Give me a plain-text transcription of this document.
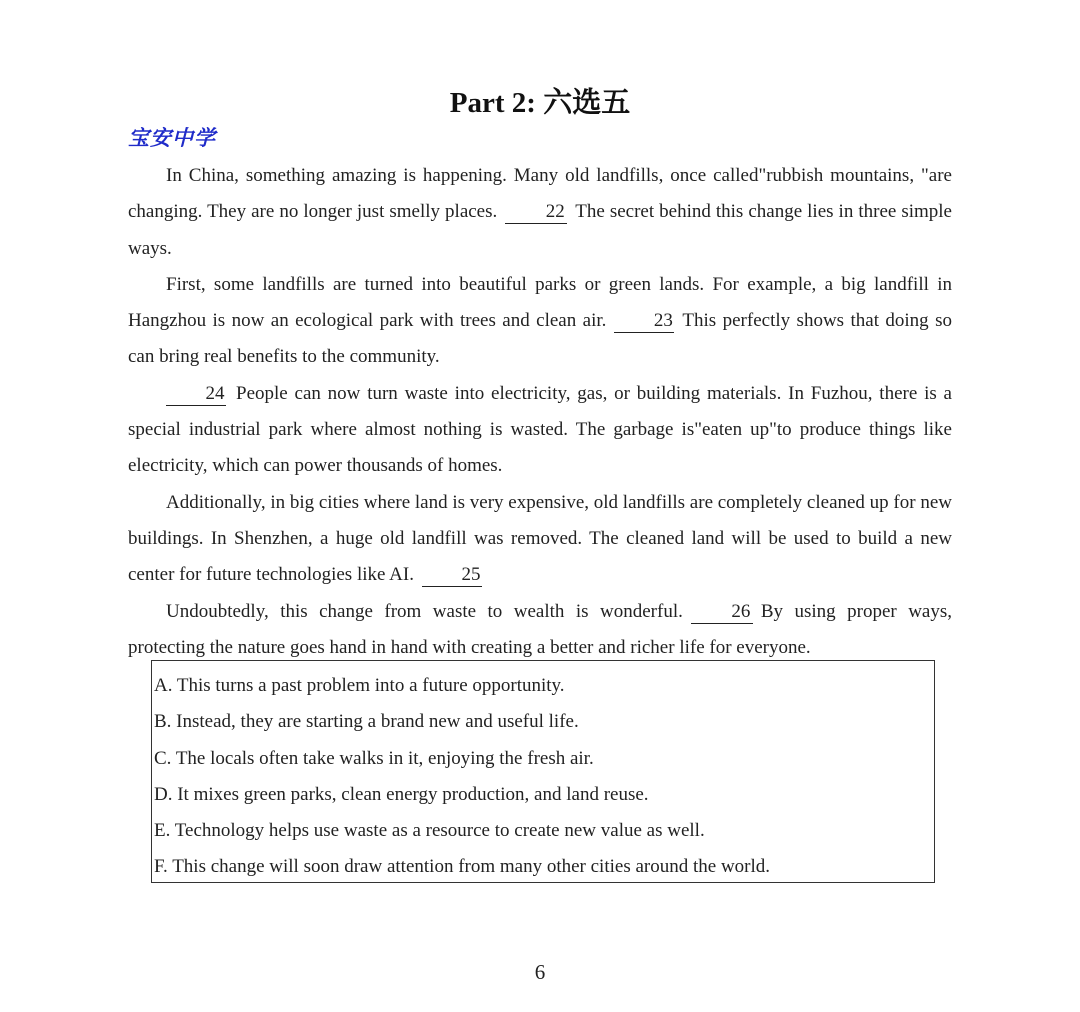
Part 2: 六选五
宝安中学

In China, something amazing is happening. Many old landfills, once called"rubbish mountains, "are changing. They are no longer just smelly places.	22 The secret behind this change lies in three simple ways.

First, some landfills are turned into beautiful parks or green lands. For example, a big landfill in Hangzhou is now an ecological park with trees and clean air.	23 This perfectly shows that doing so can bring real benefits to the community.

24 People can now turn waste into electricity, gas, or building materials. In Fuzhou, there is a special industrial park where almost nothing is wasted. The garbage is"eaten up"to produce things like electricity, which can power thousands of homes.

Additionally, in big cities where land is very expensive, old landfills are completely cleaned up for new buildings. In Shenzhen, a huge old landfill was removed. The cleaned land will be used to build a new center for future technologies like AI.	25

Undoubtedly, this change from waste to wealth is wonderful.	26 By using proper ways, protecting the nature goes hand in hand with creating a better and richer life for everyone.

A. This turns a past problem into a future opportunity.
B. Instead, they are starting a brand new and useful life.
C. The locals often take walks in it, enjoying the fresh air.
D. It mixes green parks, clean energy production, and land reuse.
E. Technology helps use waste as a resource to create new value as well.
F. This change will soon draw attention from many other cities around the world.
6
